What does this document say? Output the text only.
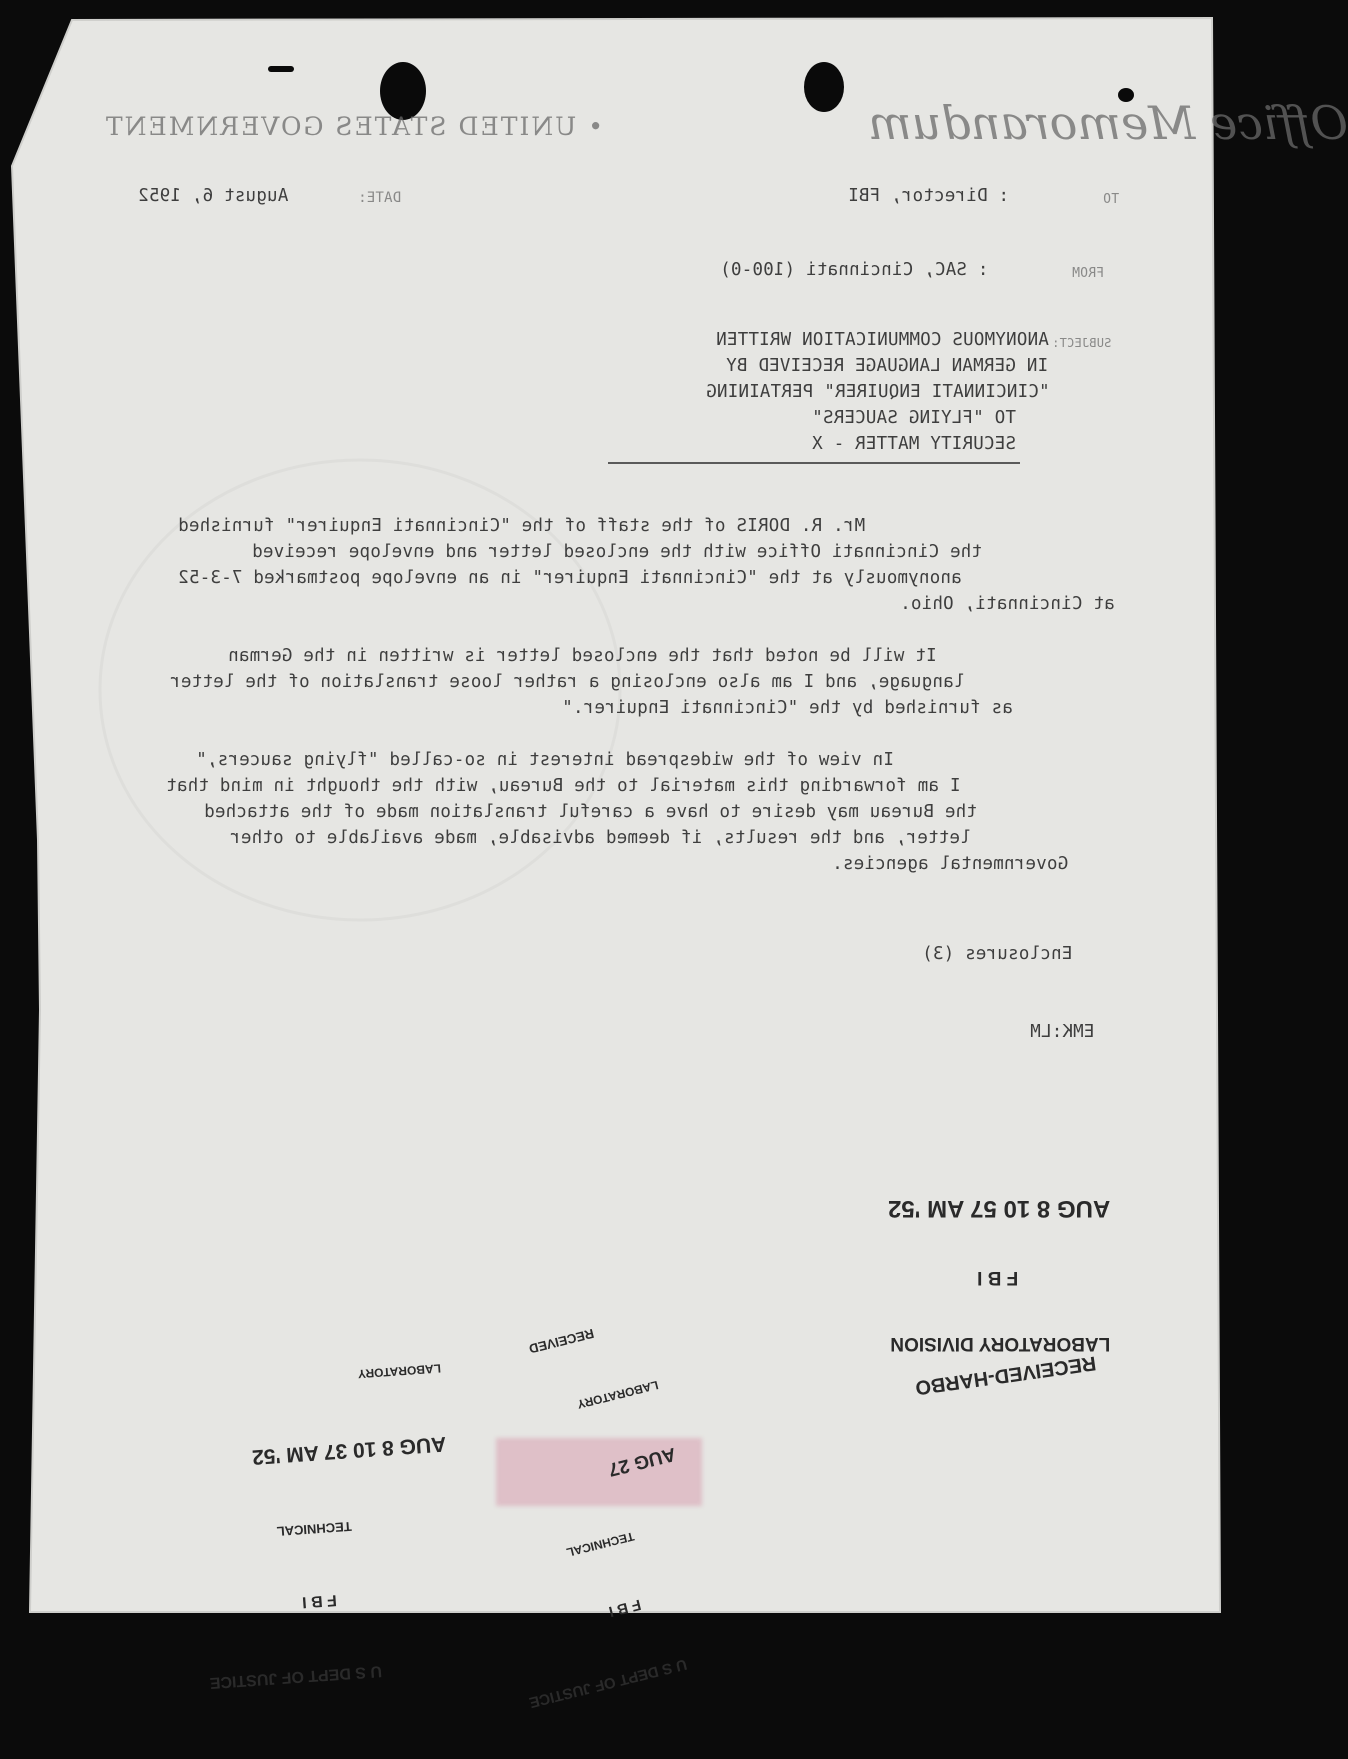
Office Memorandum
• UNITED STATES GOVERNMENT
TO
: Director, FBI
DATE:
August 6, 1952
FROM
: SAC, Cincinnati (100-0)
SUBJECT:
ANONYMOUS COMMUNICATION WRITTEN
IN GERMAN LANGUAGE RECEIVED BY
"CINCINNATI ENQUIRER" PERTAINING
TO "FLYING SAUCERS"
SECURITY MATTER - X
Mr. R. DORIS of the staff of the "Cincinnati Enquirer" furnished
the Cincinnati Office with the enclosed letter and envelope received
anonymously at the "Cincinnati Enquirer" in an envelope postmarked 7-3-52
at Cincinnati, Ohio.
It will be noted that the enclosed letter is written in the German
language, and I am also enclosing a rather loose translation of the letter
as furnished by the "Cincinnati Enquirer."
In view of the widespread interest in so-called "flying saucers,"
I am forwarding this material to the Bureau, with the thought in mind that
the Bureau may desire to have a careful translation made of the attached
letter, and the results, if deemed advisable, made available to other
Governmental agencies.
Enclosures (3)
EMK:LM

LABORATORY DIVISION

F B I

AUG 8 10 57 AM '52

RECEIVED-HARBO

U S DEPT OF JUSTICE

F B I

TECHNICAL

AUG 8 10 37 AM '52

LABORATORY

U S DEPT OF JUSTICE

F B I

TECHNICAL

AUG 27

LABORATORY

RECEIVED
